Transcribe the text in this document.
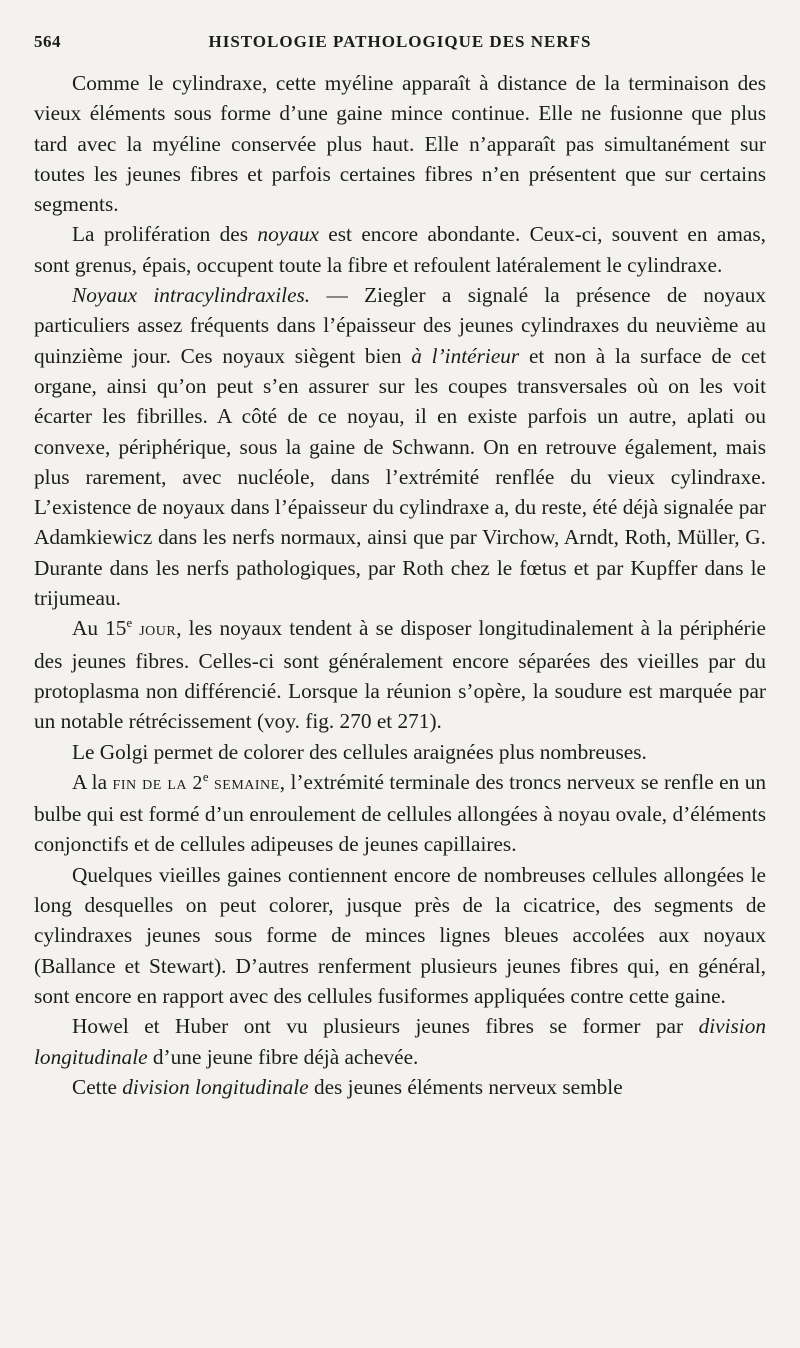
564	HISTOLOGIE PATHOLOGIQUE DES NERFS

Comme le cylindraxe, cette myéline apparaît à distance de la terminaison des vieux éléments sous forme d’une gaine mince continue. Elle ne fusionne que plus tard avec la myéline conservée plus haut. Elle n’apparaît pas simultanément sur toutes les jeunes fibres et parfois certaines fibres n’en présentent que sur certains segments.

La prolifération des noyaux est encore abondante. Ceux-ci, souvent en amas, sont grenus, épais, occupent toute la fibre et refoulent latéralement le cylindraxe.

Noyaux intracylindraxiles. — Ziegler a signalé la présence de noyaux particuliers assez fréquents dans l’épaisseur des jeunes cylindraxes du neuvième au quinzième jour. Ces noyaux siègent bien à l’intérieur et non à la surface de cet organe, ainsi qu’on peut s’en assurer sur les coupes transversales où on les voit écarter les fibrilles. A côté de ce noyau, il en existe parfois un autre, aplati ou convexe, périphérique, sous la gaine de Schwann. On en retrouve également, mais plus rarement, avec nucléole, dans l’extrémité renflée du vieux cylindraxe. L’existence de noyaux dans l’épaisseur du cylindraxe a, du reste, été déjà signalée par Adamkiewicz dans les nerfs normaux, ainsi que par Virchow, Arndt, Roth, Müller, G. Durante dans les nerfs pathologiques, par Roth chez le fœtus et par Kupffer dans le trijumeau.

Au 15e jour, les noyaux tendent à se disposer longitudinalement à la périphérie des jeunes fibres. Celles-ci sont généralement encore séparées des vieilles par du protoplasma non différencié. Lorsque la réunion s’opère, la soudure est marquée par un notable rétrécissement (voy. fig. 270 et 271).

Le Golgi permet de colorer des cellules araignées plus nombreuses.

A la fin de la 2e semaine, l’extrémité terminale des troncs nerveux se renfle en un bulbe qui est formé d’un enroulement de cellules allongées à noyau ovale, d’éléments conjonctifs et de cellules adipeuses de jeunes capillaires.

Quelques vieilles gaines contiennent encore de nombreuses cellules allongées le long desquelles on peut colorer, jusque près de la cicatrice, des segments de cylindraxes jeunes sous forme de minces lignes bleues accolées aux noyaux (Ballance et Stewart). D’autres renferment plusieurs jeunes fibres qui, en général, sont encore en rapport avec des cellules fusiformes appliquées contre cette gaine.

Howel et Huber ont vu plusieurs jeunes fibres se former par division longitudinale d’une jeune fibre déjà achevée.

Cette division longitudinale des jeunes éléments nerveux semble
